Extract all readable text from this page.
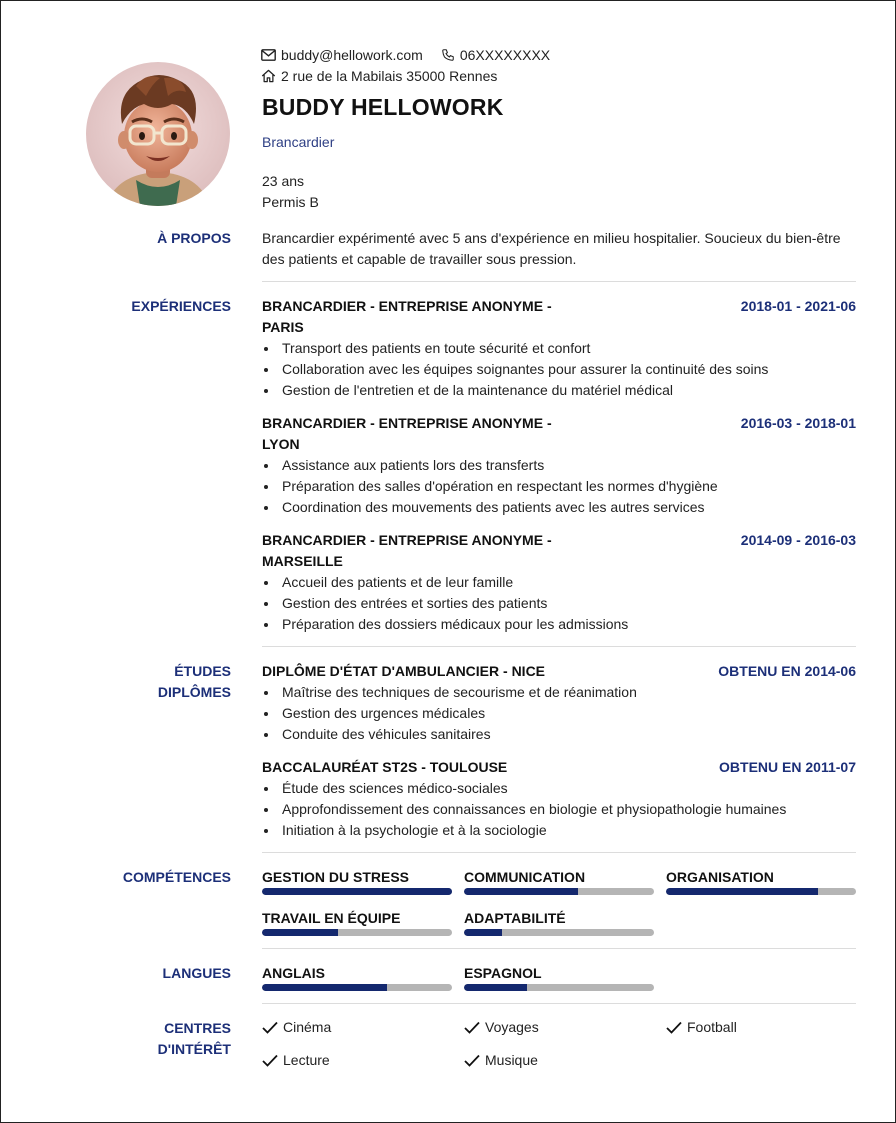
buddy@hellowork.com	06XXXXXXXX
2 rue de la Mabilais 35000 Rennes
BUDDY HELLOWORK
Brancardier
23 ans
Permis B
À PROPOS Brancardier expérimenté avec 5 ans d'expérience en milieu hospitalier. Soucieux du bien-être des patients et capable de travailler sous pression.
EXPÉRIENCES BRANCARDIER - ENTREPRISE ANONYME - PARIS
2018-01 - 2021-06
Transport des patients en toute sécurité et confort
Collaboration avec les équipes soignantes pour assurer la continuité des soins
Gestion de l'entretien et de la maintenance du matériel médical
BRANCARDIER - ENTREPRISE ANONYME - LYON
2016-03 - 2018-01
Assistance aux patients lors des transferts
Préparation des salles d'opération en respectant les normes d'hygiène
Coordination des mouvements des patients avec les autres services
BRANCARDIER - ENTREPRISE ANONYME - MARSEILLE
2014-09 - 2016-03
Accueil des patients et de leur famille
Gestion des entrées et sorties des patients
Préparation des dossiers médicaux pour les admissions
ÉTUDES
DIPLÔMES
DIPLÔME D'ÉTAT D'AMBULANCIER - NICE	OBTENU EN 2014-06
Maîtrise des techniques de secourisme et de réanimation
Gestion des urgences médicales
Conduite des véhicules sanitaires
BACCALAURÉAT ST2S - TOULOUSE	OBTENU EN 2011-07
Étude des sciences médico-sociales
Approfondissement des connaissances en biologie et physiopathologie humaines
Initiation à la psychologie et à la sociologie
COMPÉTENCES GESTION DU STRESS	COMMUNICATION	ORGANISATION
TRAVAIL EN ÉQUIPE	ADAPTABILITÉ
LANGUES ANGLAIS	ESPAGNOL
CENTRES
D'INTÉRÊT
Cinéma	Voyages	Football
Lecture	Musique
